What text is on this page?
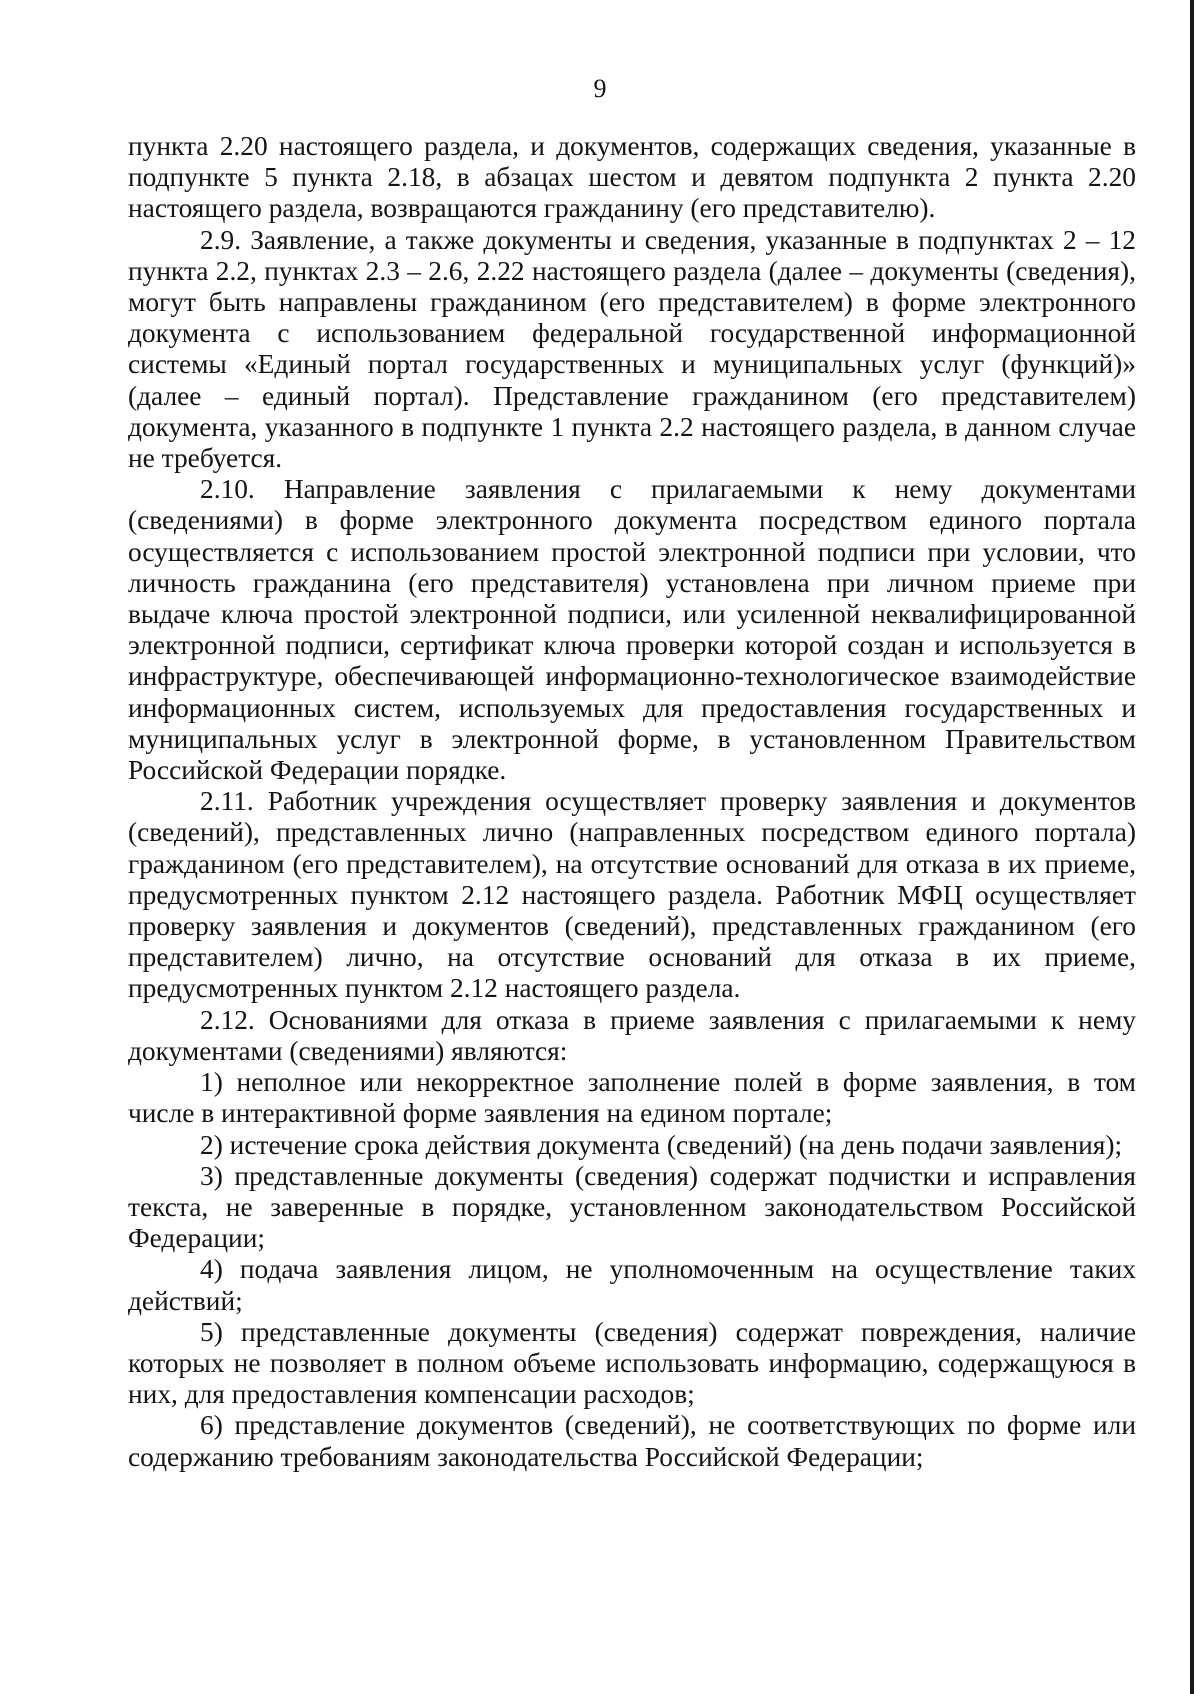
9

пункта 2.20 настоящего раздела, и документов, содержащих сведения, указанные в подпункте 5 пункта 2.18, в абзацах шестом и девятом подпункта 2 пункта 2.20 настоящего раздела, возвращаются гражданину (его представителю).

2.9. Заявление, а также документы и сведения, указанные в подпунктах 2 – 12 пункта 2.2, пунктах 2.3 – 2.6, 2.22 настоящего раздела (далее – документы (сведения), могут быть направлены гражданином (его представителем) в форме электронного документа с использованием федеральной государственной информационной системы «Единый портал государственных и муниципальных услуг (функций)» (далее – единый портал). Представление гражданином (его представителем) документа, указанного в подпункте 1 пункта 2.2 настоящего раздела, в данном случае не требуется.

2.10. Направление заявления с прилагаемыми к нему документами (сведениями) в форме электронного документа посредством единого портала осуществляется с использованием простой электронной подписи при условии, что личность гражданина (его представителя) установлена при личном приеме при выдаче ключа простой электронной подписи, или усиленной неквалифицированной электронной подписи, сертификат ключа проверки которой создан и используется в инфраструктуре, обеспечивающей информационно-технологическое взаимодействие информационных систем, используемых для предоставления государственных и муниципальных услуг в электронной форме, в установленном Правительством Российской Федерации порядке.

2.11. Работник учреждения осуществляет проверку заявления и документов (сведений), представленных лично (направленных посредством единого портала) гражданином (его представителем), на отсутствие оснований для отказа в их приеме, предусмотренных пунктом 2.12 настоящего раздела. Работник МФЦ осуществляет проверку заявления и документов (сведений), представленных гражданином (его представителем) лично, на отсутствие оснований для отказа в их приеме, предусмотренных пунктом 2.12 настоящего раздела.

2.12. Основаниями для отказа в приеме заявления с прилагаемыми к нему документами (сведениями) являются:

1) неполное или некорректное заполнение полей в форме заявления, в том числе в интерактивной форме заявления на едином портале;

2) истечение срока действия документа (сведений) (на день подачи заявления);

3) представленные документы (сведения) содержат подчистки и исправления текста, не заверенные в порядке, установленном законодательством Российской Федерации;

4) подача заявления лицом, не уполномоченным на осуществление таких действий;

5) представленные документы (сведения) содержат повреждения, наличие которых не позволяет в полном объеме использовать информацию, содержащуюся в них, для предоставления компенсации расходов;

6) представление документов (сведений), не соответствующих по форме или содержанию требованиям законодательства Российской Федерации;
